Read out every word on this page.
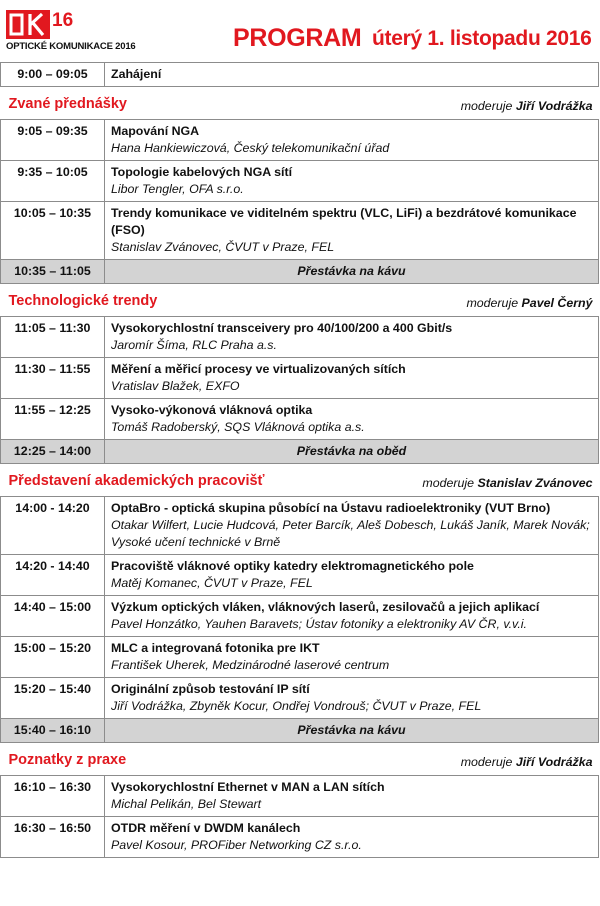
16
OPTICKÉ KOMUNIKACE 2016	PROGRAM úterý 1. listopadu 2016
9:00 – 09:05	Zahájení

Zvané přednášky moderuje Jiří Vodrážka	

9:05 – 09:35	Mapování NGA
Hana Hankiewiczová, Český telekomunikační úřad

9:35 – 10:05	Topologie kabelových NGA sítí
Libor Tengler, OFA s.r.o.

10:05 – 10:35	Trendy komunikace ve viditelném spektru (VLC, LiFi) a bezdrátové komunikace (FSO)
Stanislav Zvánovec, ČVUT v Praze, FEL

10:35 – 11:05	Přestávka na kávu

Technologické trendy moderuje Pavel Černý	

11:05 – 11:30	Vysokorychlostní transceivery pro 40/100/200 a 400 Gbit/s
Jaromír Šíma, RLC Praha a.s.

11:30 – 11:55	Měření a měřicí procesy ve virtualizovaných sítích
Vratislav Blažek, EXFO

11:55 – 12:25	Vysoko-výkonová vláknová optika
Tomáš Radoberský, SQS Vláknová optika a.s.

12:25 – 14:00	Přestávka na oběd

Představení akademických pracovišť moderuje Stanislav Zvánovec	

14:00 - 14:20	OptaBro - optická skupina působící na Ústavu radioelektroniky (VUT Brno)
Otakar Wilfert, Lucie Hudcová, Peter Barcík, Aleš Dobesch, Lukáš Janík, Marek Novák; Vysoké učení technické v Brně

14:20 - 14:40	Pracoviště vláknové optiky katedry elektromagnetického pole
Matěj Komanec, ČVUT v Praze, FEL

14:40 – 15:00	Výzkum optických vláken, vláknových laserů, zesilovačů a jejich aplikací
Pavel Honzátko, Yauhen Baravets; Ústav fotoniky a elektroniky AV ČR, v.v.i.

15:00 – 15:20	MLC a integrovaná fotonika pre IKT
František Uherek, Medzinárodné laserové centrum

15:20 – 15:40	Originální způsob testování IP sítí
Jiří Vodrážka, Zbyněk Kocur, Ondřej Vondrouš; ČVUT v Praze, FEL

15:40 – 16:10	Přestávka na kávu

Poznatky z praxe moderuje Jiří Vodrážka	

16:10 – 16:30	Vysokorychlostní Ethernet v MAN a LAN sítích
Michal Pelikán, Bel Stewart

16:30 – 16:50	OTDR měření v DWDM kanálech
Pavel Kosour, PROFiber Networking CZ s.r.o.
